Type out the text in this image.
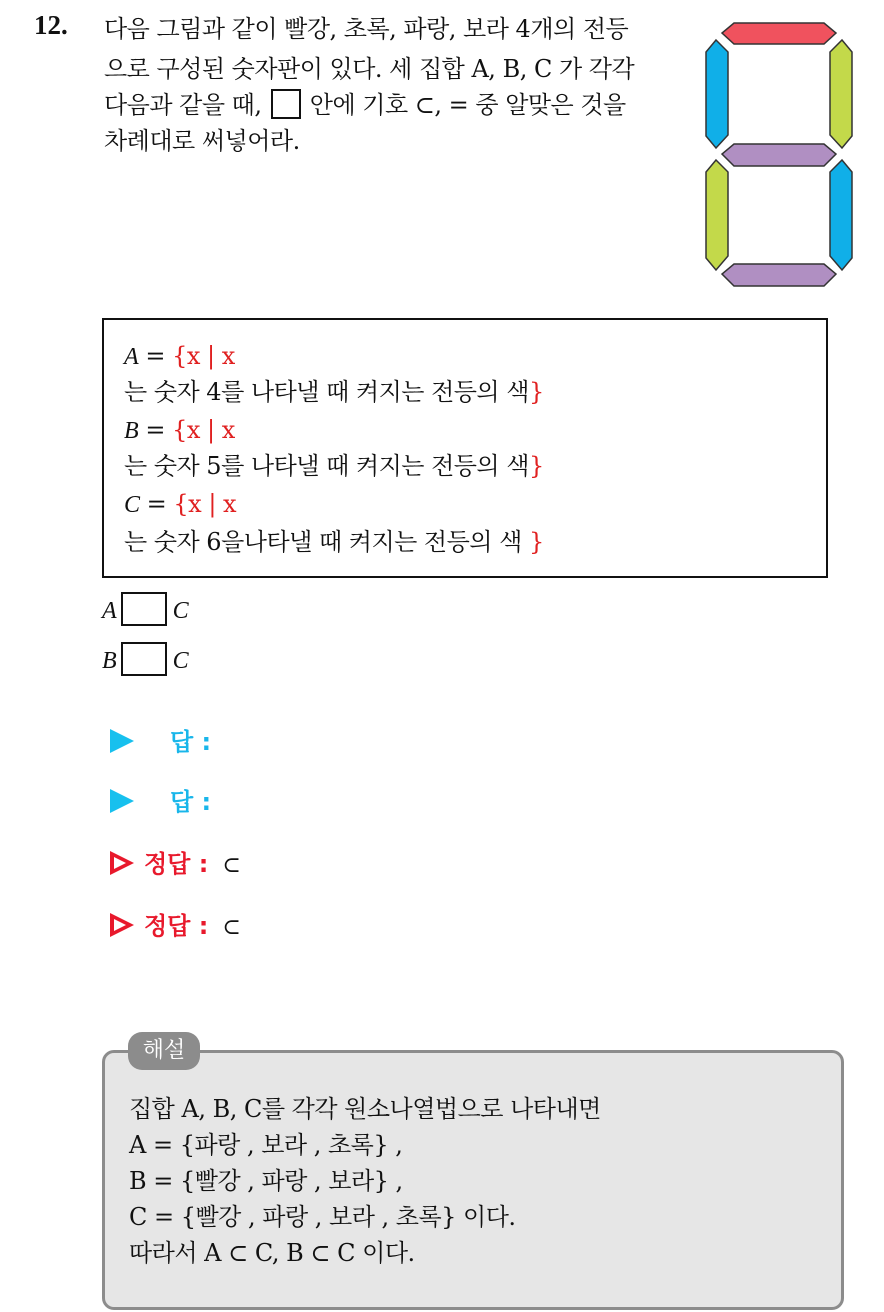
12. 다음 그림과 같이 빨강, 초록, 파랑, 보라 4개의 전등
으로 구성된 숫자판이 있다. 세 집합 A, B, C 가 각각
다음과 같을 때, 안에 기호 ⊂, = 중 알맞은 것을
차례대로 써넣어라.
A = {x | x
는 숫자 4를 나타낼 때 켜지는 전등의 색}
B = {x | x
는 숫자 5를 나타낼 때 켜지는 전등의 색}
C = {x | x
는 숫자 6을나타낼 때 켜지는 전등의 색 }
A C
B C
답 :
답 :
정답 : ⊂
정답 : ⊂
집합 A, B, C를 각각 원소나열법으로 나타내면
A = {파랑 , 보라 , 초록} ,
B = {빨강 , 파랑 , 보라} ,
C = {빨강 , 파랑 , 보라 , 초록} 이다.
따라서 A ⊂ C, B ⊂ C 이다.
해설
